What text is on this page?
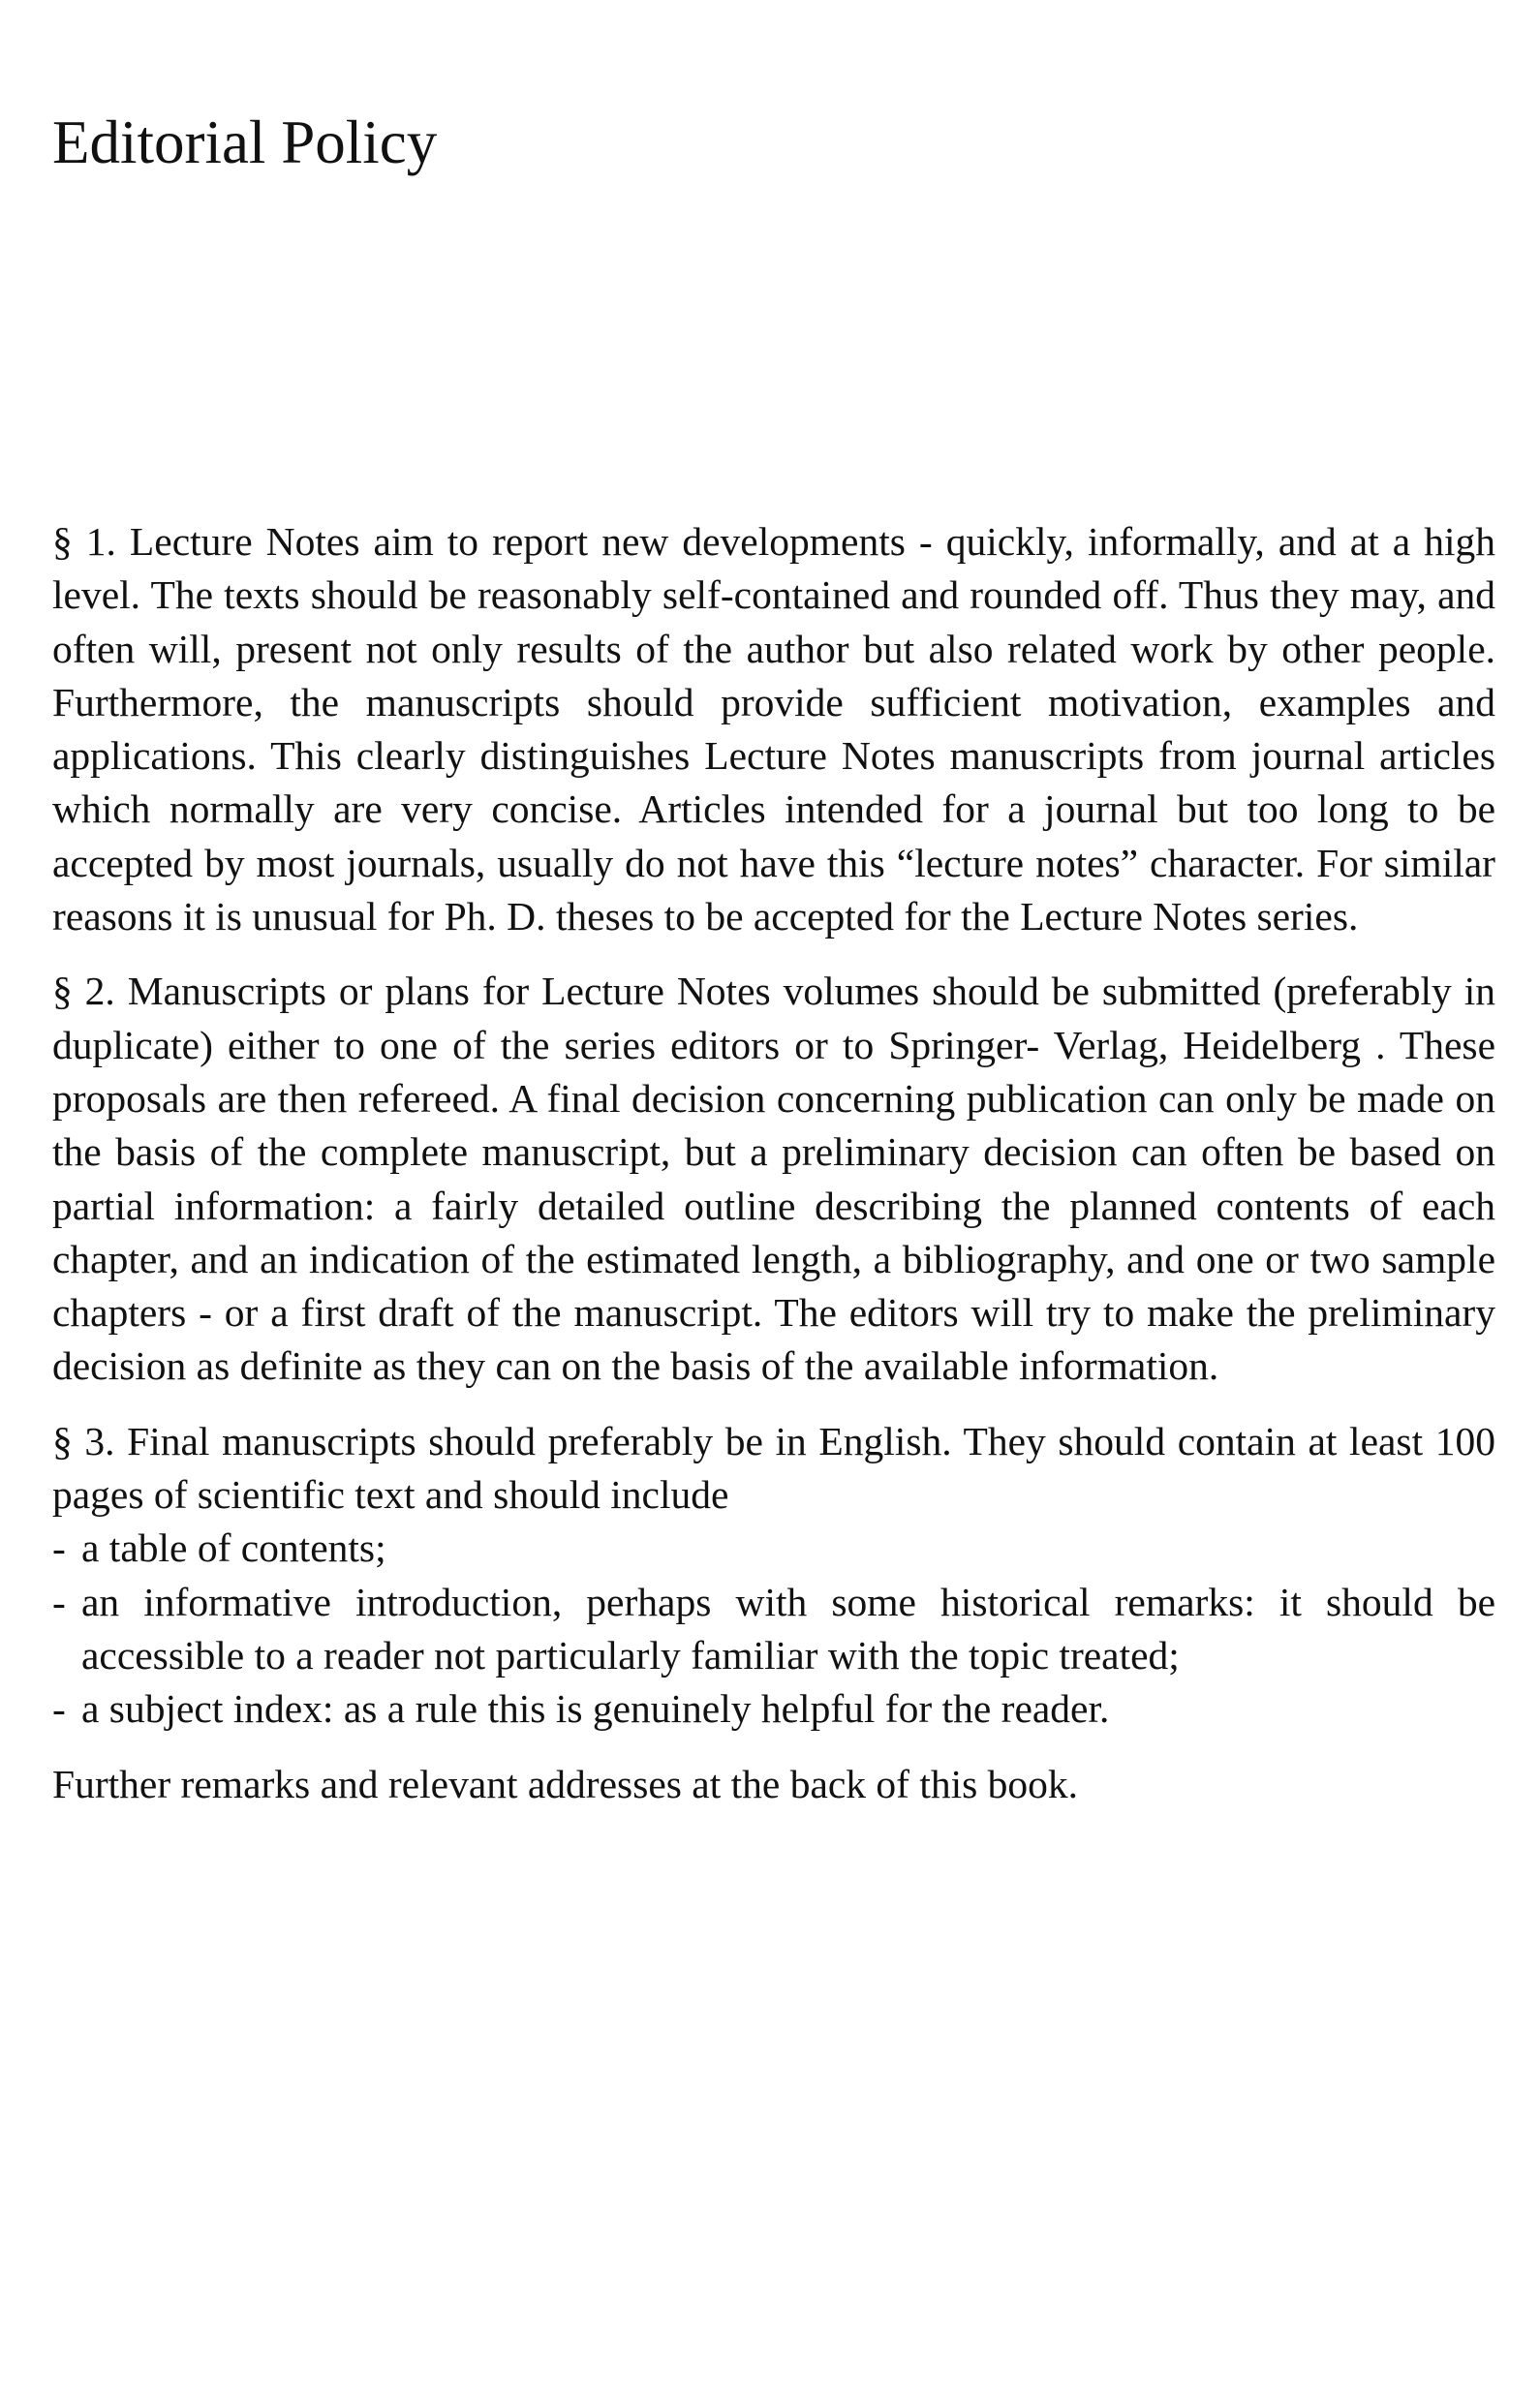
Editorial Policy

§ 1. Lecture Notes aim to report new developments - quickly, informally, and at a high level. The texts should be reasonably self-contained and rounded off. Thus they may, and often will, present not only results of the author but also related work by other people. Furthermore, the manuscripts should provide sufficient motivation, examples and applications. This clearly distinguishes Lecture Notes manuscripts from journal articles which normally are very concise. Articles intended for a journal but too long to be accepted by most journals, usually do not have this “lecture notes” character. For similar reasons it is unusual for Ph. D. theses to be accepted for the Lecture Notes series.

§ 2. Manuscripts or plans for Lecture Notes volumes should be submitted (preferably in duplicate) either to one of the series editors or to Springer- Verlag, Heidelberg . These proposals are then refereed. A final decision concerning publication can only be made on the basis of the complete manuscript, but a preliminary decision can often be based on partial information: a fairly detailed outline describing the planned contents of each chapter, and an indication of the estimated length, a bibliography, and one or two sample chapters - or a first draft of the manuscript. The editors will try to make the preliminary decision as definite as they can on the basis of the available information.

§ 3. Final manuscripts should preferably be in English. They should contain at least 100 pages of scientific text and should include

- a table of contents;
- an informative introduction, perhaps with some historical remarks: it should be accessible to a reader not particularly familiar with the topic treated;
- a subject index: as a rule this is genuinely helpful for the reader.

Further remarks and relevant addresses at the back of this book.
